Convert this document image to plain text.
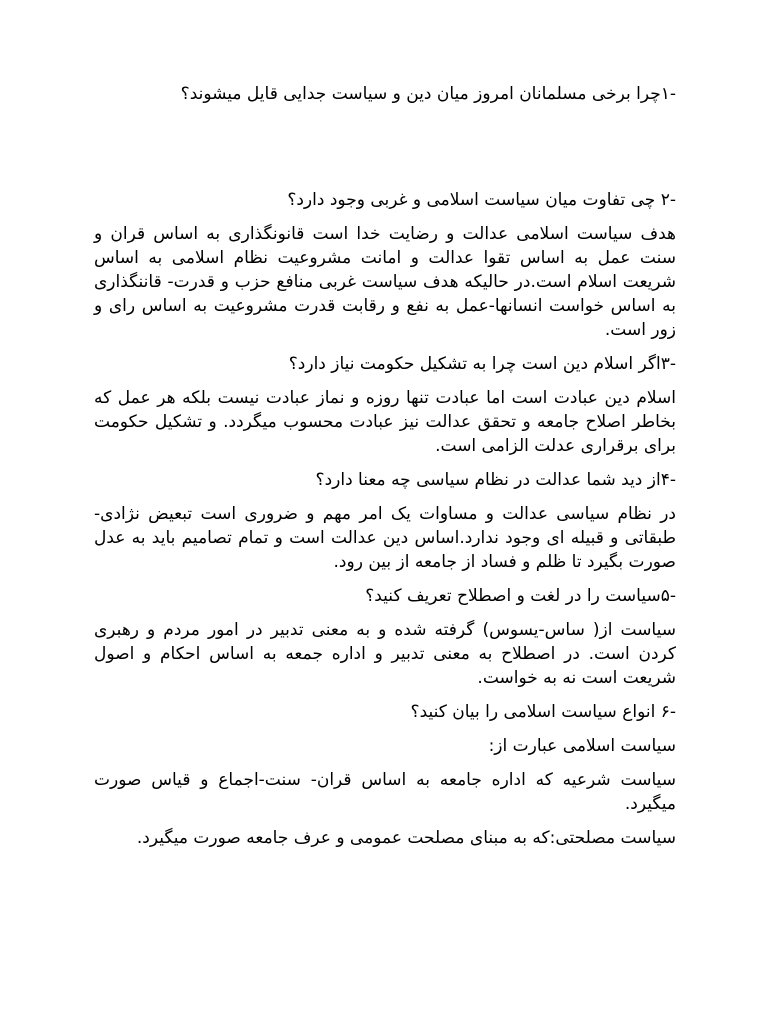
-۱چرا برخی مسلمانان امروز میان دین و سیاست جدایی قایل میشوند؟

-۲ چی تفاوت میان سیاست اسلامی و غربی وجود دارد؟

هدف سیاست اسلامی عدالت و رضایت خدا است قانونگذاری به اساس قران و سنت عمل به اساس تقوا عدالت و امانت مشروعیت نظام اسلامی به اساس شریعت اسلام است.در حالیکه هدف سیاست غربی منافع حزب و قدرت- قاننگذاری به اساس خواست انسانها-عمل به نفع و رقابت قدرت مشروعیت به اساس رای و زور است.

-۳اگر اسلام دین است چرا به تشکیل حکومت نیاز دارد؟

اسلام دین عبادت است اما عبادت تنها روزه و نماز عبادت نیست بلکه هر عمل که بخاطر اصلاح جامعه و تحقق عدالت نیز عبادت محسوب میگردد. و تشکیل حکومت برای برقراری عدلت الزامی است.

-۴از دید شما عدالت در نظام سیاسی چه معنا دارد؟

در نظام سیاسی عدالت و مساوات یک امر مهم و ضروری است تبعیض نژادی-طبقاتی و قبیله ای وجود ندارد.اساس دین عدالت است و تمام تصامیم باید به عدل صورت بگیرد تا ظلم و فساد از جامعه از بین رود.

-۵سیاست را در لغت و اصطلاح تعریف کنید؟

سیاست از( ساس-یسوس) گرفته شده و به معنی تدبیر در امور مردم و رهبری کردن است. در اصطلاح به معنی تدبیر و اداره جمعه به اساس احکام و اصول شریعت است نه به خواست.

-۶ انواع سیاست اسلامی را بیان کنید؟

سیاست اسلامی عبارت از:

سیاست شرعیه که اداره جامعه به اساس قران- سنت-اجماع و قیاس صورت میگیرد.

سیاست مصلحتی:که به مبنای مصلحت عمومی و عرف جامعه صورت میگیرد.
